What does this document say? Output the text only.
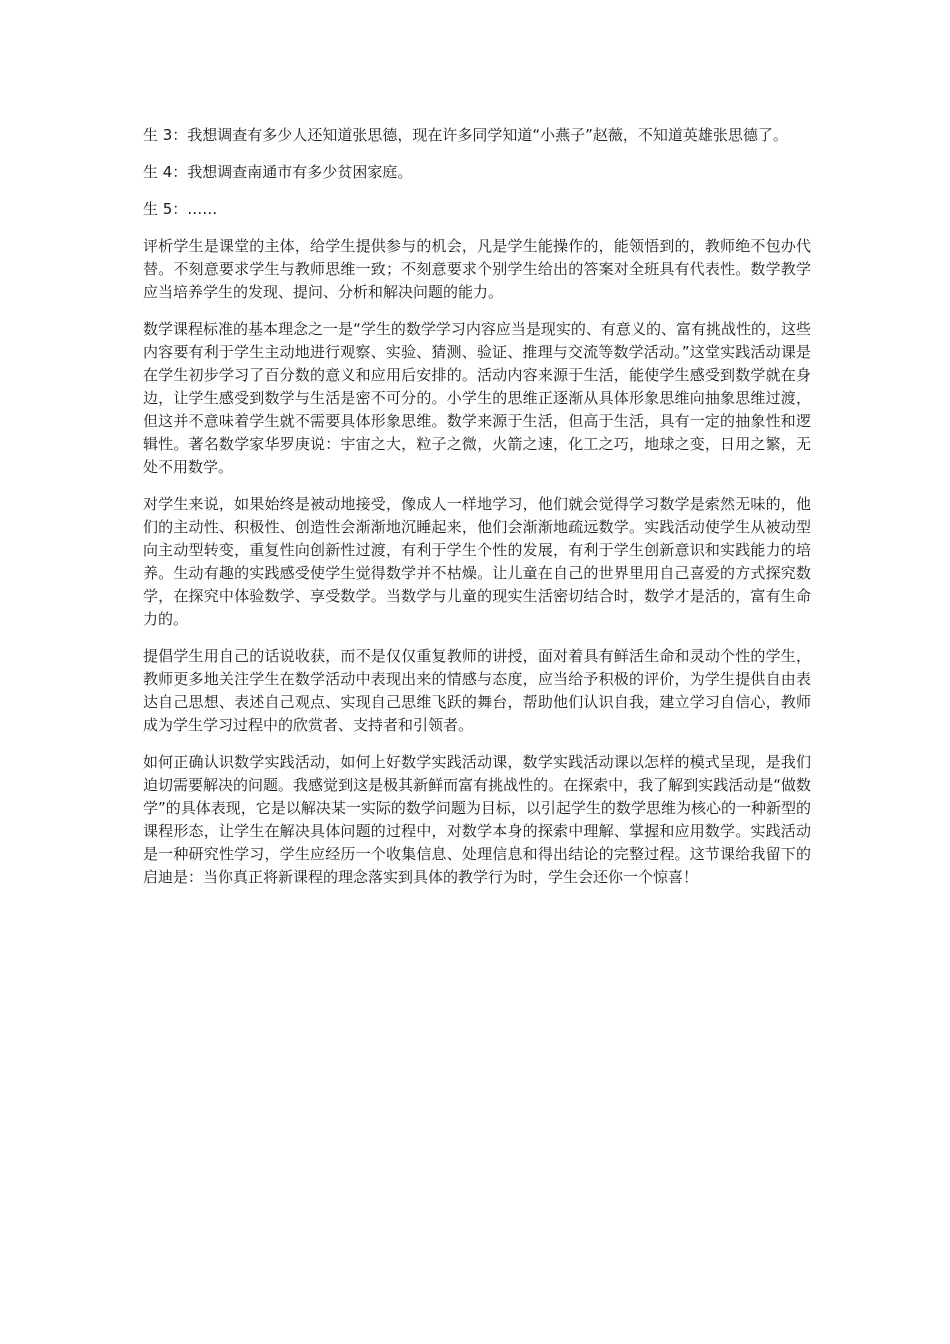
生 3：我想调查有多少人还知道张思德，现在许多同学知道“小燕子”赵薇，不知道英雄张思德了。

生 4：我想调查南通市有多少贫困家庭。

生 5：……

评析学生是课堂的主体，给学生提供参与的机会，凡是学生能操作的，能领悟到的，教师绝不包办代替。不刻意要求学生与教师思维一致；不刻意要求个别学生给出的答案对全班具有代表性。数学教学应当培养学生的发现、提问、分析和解决问题的能力。

数学课程标准的基本理念之一是“学生的数学学习内容应当是现实的、有意义的、富有挑战性的，这些内容要有利于学生主动地进行观察、实验、猜测、验证、推理与交流等数学活动。”这堂实践活动课是在学生初步学习了百分数的意义和应用后安排的。活动内容来源于生活，能使学生感受到数学就在身边，让学生感受到数学与生活是密不可分的。小学生的思维正逐渐从具体形象思维向抽象思维过渡，但这并不意味着学生就不需要具体形象思维。数学来源于生活，但高于生活，具有一定的抽象性和逻辑性。著名数学家华罗庚说：宇宙之大，粒子之微，火箭之速，化工之巧，地球之变，日用之繁，无处不用数学。

对学生来说，如果始终是被动地接受，像成人一样地学习，他们就会觉得学习数学是索然无味的，他们的主动性、积极性、创造性会渐渐地沉睡起来，他们会渐渐地疏远数学。实践活动使学生从被动型向主动型转变，重复性向创新性过渡，有利于学生个性的发展，有利于学生创新意识和实践能力的培养。生动有趣的实践感受使学生觉得数学并不枯燥。让儿童在自己的世界里用自己喜爱的方式探究数学，在探究中体验数学、享受数学。当数学与儿童的现实生活密切结合时，数学才是活的，富有生命力的。

提倡学生用自己的话说收获，而不是仅仅重复教师的讲授，面对着具有鲜活生命和灵动个性的学生，教师更多地关注学生在数学活动中表现出来的情感与态度，应当给予积极的评价，为学生提供自由表达自己思想、表述自己观点、实现自己思维飞跃的舞台，帮助他们认识自我，建立学习自信心，教师成为学生学习过程中的欣赏者、支持者和引领者。

如何正确认识数学实践活动，如何上好数学实践活动课，数学实践活动课以怎样的模式呈现，是我们迫切需要解决的问题。我感觉到这是极其新鲜而富有挑战性的。在探索中，我了解到实践活动是“做数学”的具体表现，它是以解决某一实际的数学问题为目标，以引起学生的数学思维为核心的一种新型的课程形态，让学生在解决具体问题的过程中，对数学本身的探索中理解、掌握和应用数学。实践活动是一种研究性学习，学生应经历一个收集信息、处理信息和得出结论的完整过程。这节课给我留下的启迪是：当你真正将新课程的理念落实到具体的教学行为时，学生会还你一个惊喜！
